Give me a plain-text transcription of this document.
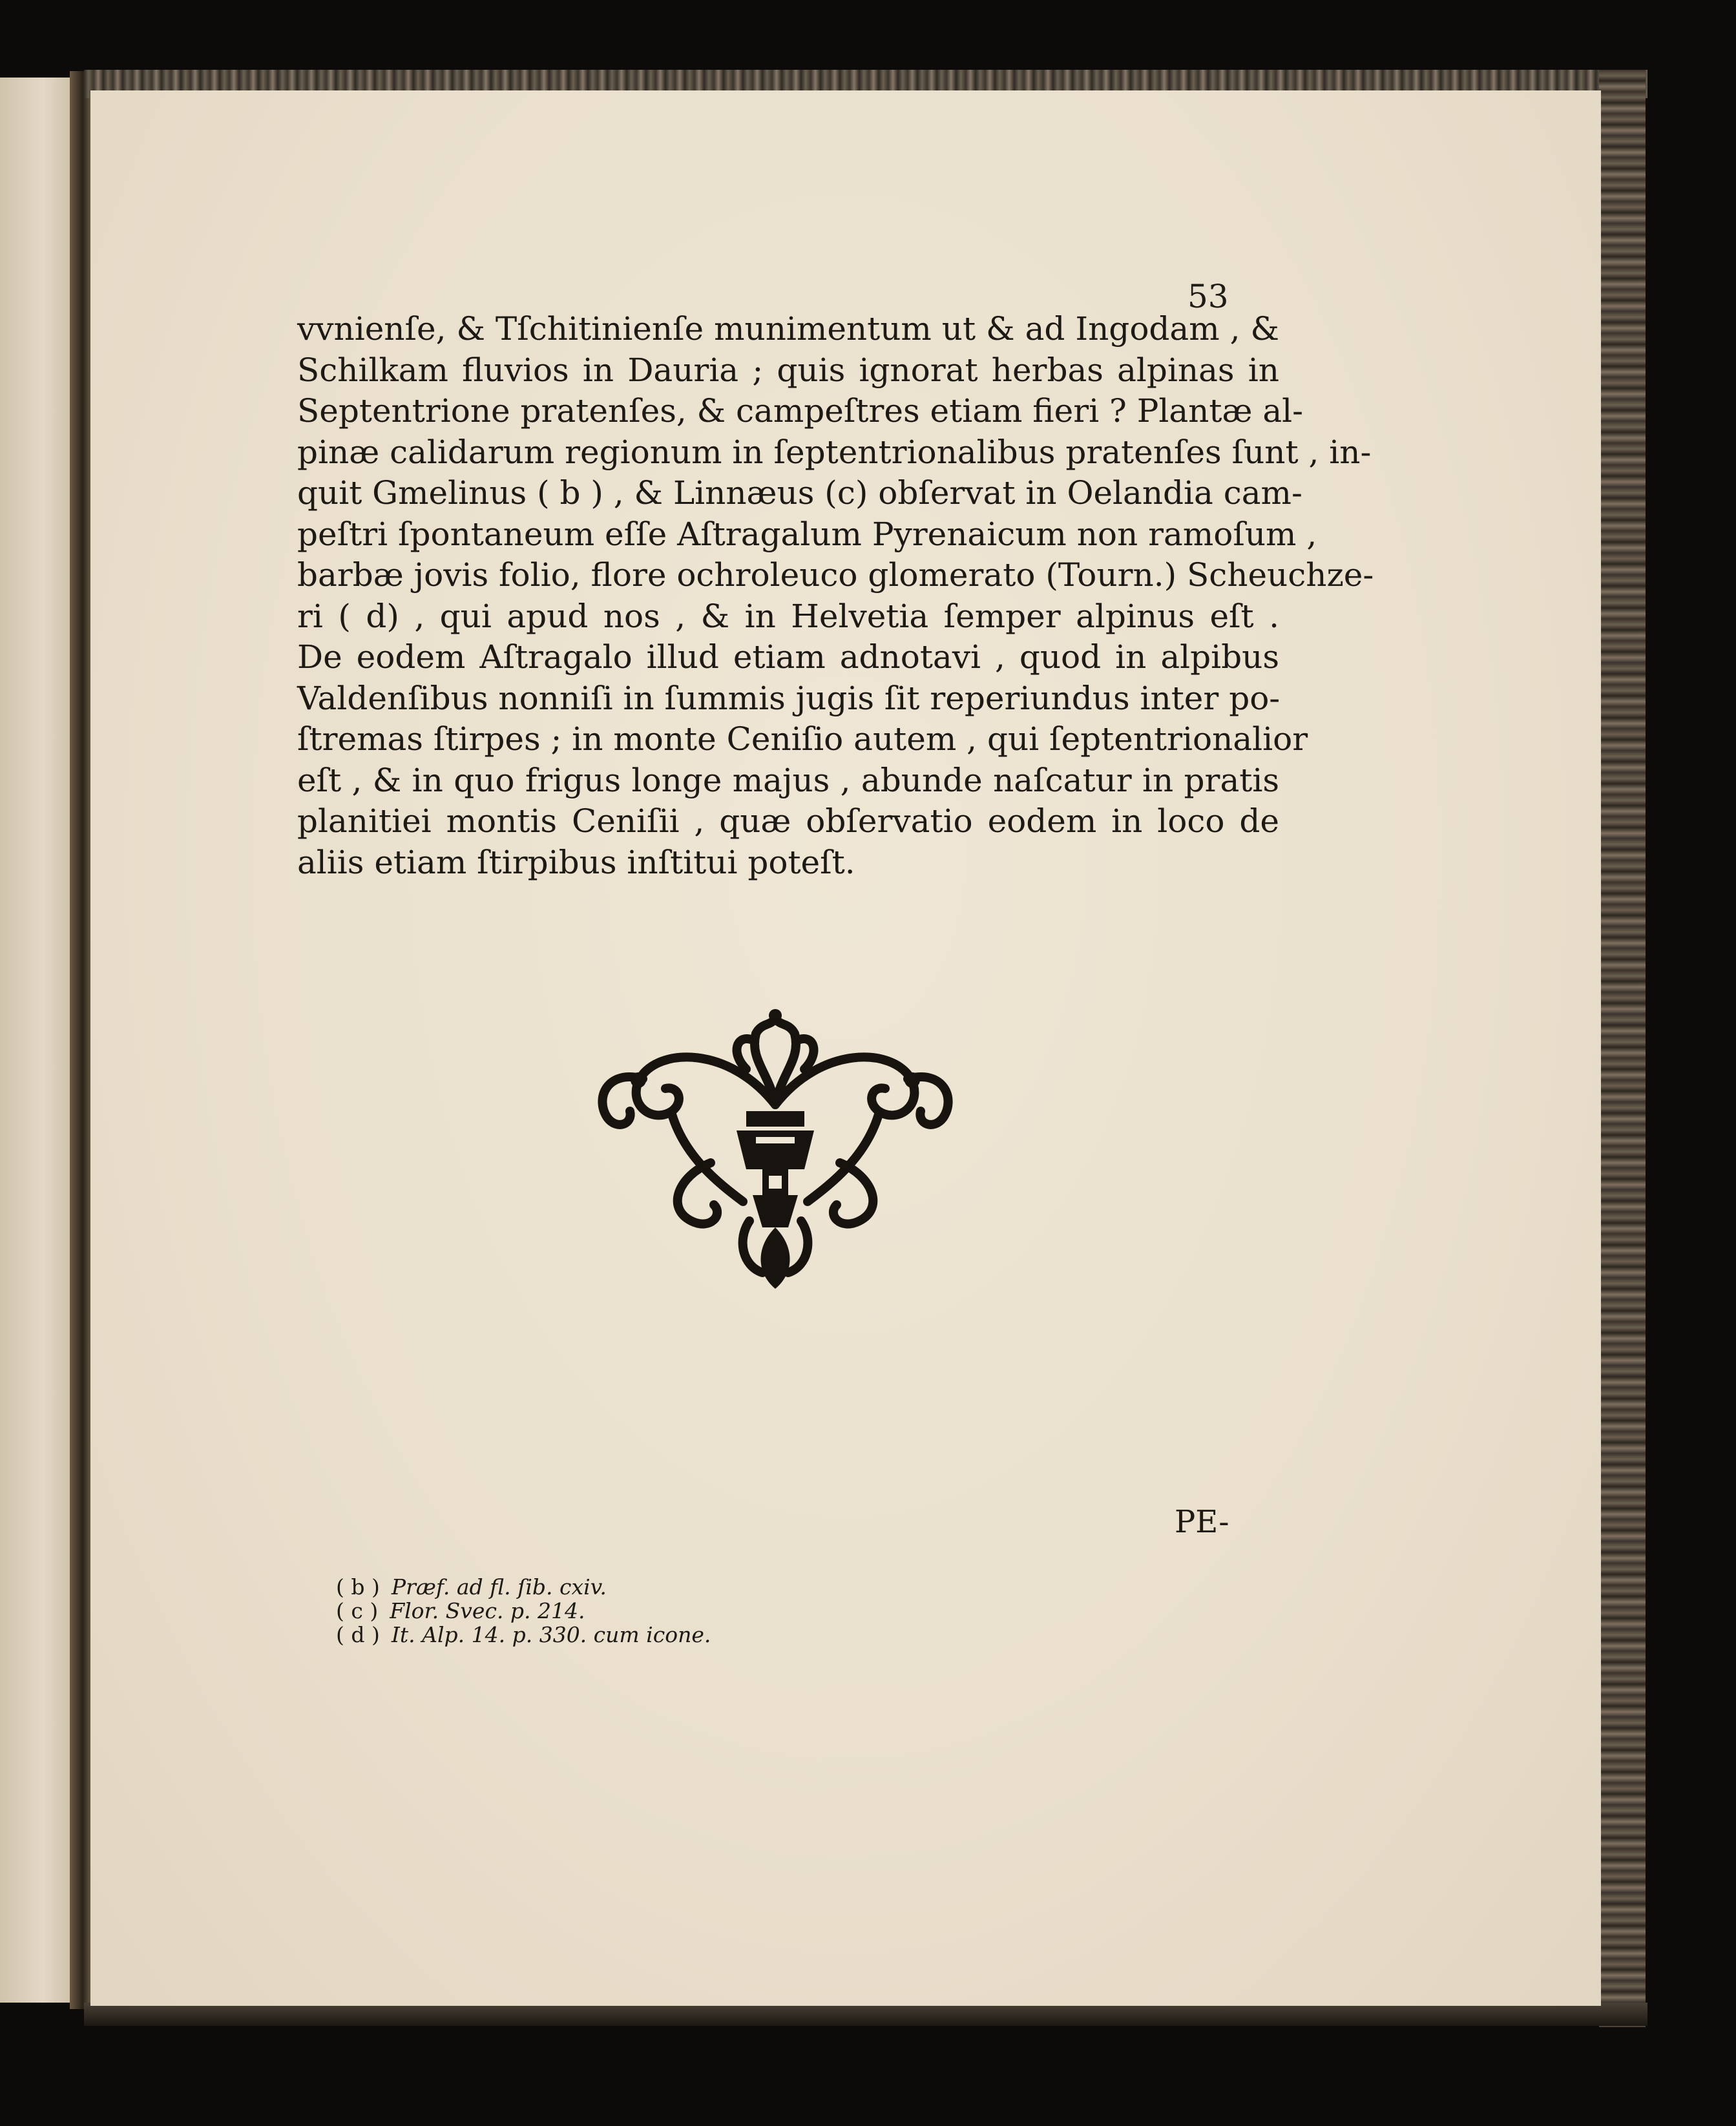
53
vvnienſe, & Tſchitinienſe munimentum ut & ad Ingodam , &
Schilkam fluvios in Dauria ; quis ignorat herbas alpinas in
Septentrione pratenſes, & campeſtres etiam fieri ? Plantæ al-
pinæ calidarum regionum in ſeptentrionalibus pratenſes ſunt , in-
quit Gmelinus ( b ) , & Linnæus (c) obſervat in Oelandia cam-
peſtri ſpontaneum eſſe Aſtragalum Pyrenaicum non ramoſum ,
barbæ jovis folio, flore ochroleuco glomerato (Tourn.) Scheuchze-
ri ( d) , qui apud nos , & in Helvetia ſemper alpinus eſt .
De eodem Aſtragalo illud etiam adnotavi , quod in alpibus
Valdenſibus nonniſi in ſummis jugis ſit reperiundus inter po-
ſtremas ſtirpes ; in monte Ceniſio autem , qui ſeptentrionalior
eſt , & in quo frigus longe majus , abunde naſcatur in pratis
planitiei montis Ceniſii , quæ obſervatio eodem in loco de
aliis etiam ſtirpibus inſtitui poteſt.
PE-
( b ) Præf. ad fl. ſib. cxiv.
( c ) Flor. Svec. p. 214.
( d ) It. Alp. 14. p. 330. cum icone.
